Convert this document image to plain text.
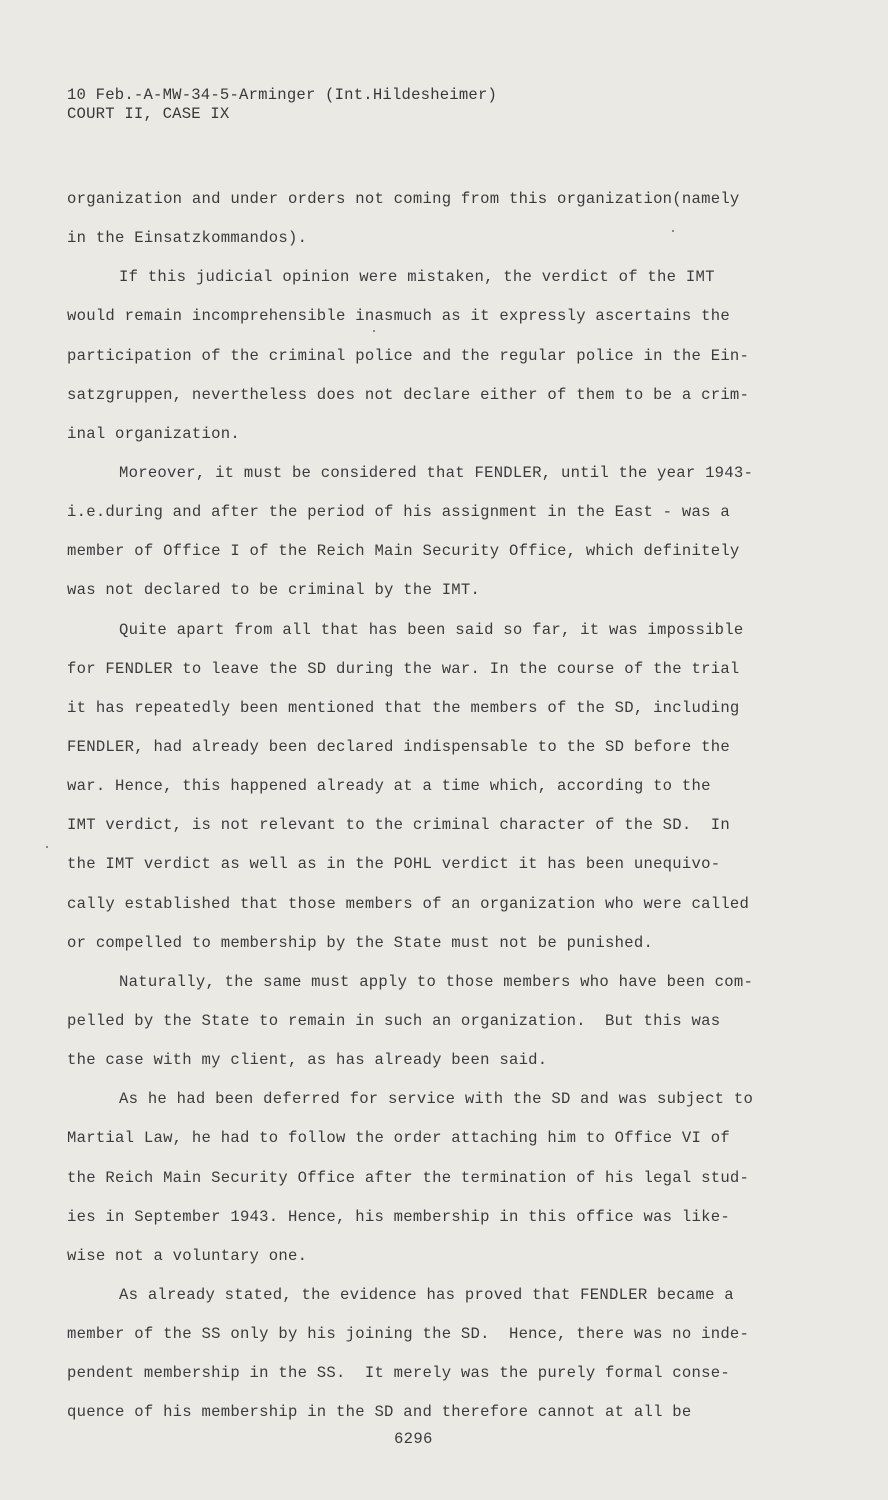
10 Feb.-A-MW-34-5-Arminger (Int.Hildesheimer)
COURT II, CASE IX
organization and under orders not coming from this organization(namely
in the Einsatzkommandos).
If this judicial opinion were mistaken, the verdict of the IMT
would remain incomprehensible inasmuch as it expressly ascertains the
participation of the criminal police and the regular police in the Ein-
satzgruppen, nevertheless does not declare either of them to be a crim-
inal organization.
Moreover, it must be considered that FENDLER, until the year 1943-
i.e.during and after the period of his assignment in the East - was a
member of Office I of the Reich Main Security Office, which definitely
was not declared to be criminal by the IMT.
Quite apart from all that has been said so far, it was impossible
for FENDLER to leave the SD during the war. In the course of the trial
it has repeatedly been mentioned that the members of the SD, including
FENDLER, had already been declared indispensable to the SD before the
war. Hence, this happened already at a time which, according to the
IMT verdict, is not relevant to the criminal character of the SD.  In
the IMT verdict as well as in the POHL verdict it has been unequivo-
cally established that those members of an organization who were called
or compelled to membership by the State must not be punished.
Naturally, the same must apply to those members who have been com-
pelled by the State to remain in such an organization.  But this was
the case with my client, as has already been said.
As he had been deferred for service with the SD and was subject to
Martial Law, he had to follow the order attaching him to Office VI of
the Reich Main Security Office after the termination of his legal stud-
ies in September 1943. Hence, his membership in this office was like-
wise not a voluntary one.
As already stated, the evidence has proved that FENDLER became a
member of the SS only by his joining the SD.  Hence, there was no inde-
pendent membership in the SS.  It merely was the purely formal conse-
quence of his membership in the SD and therefore cannot at all be
6296
